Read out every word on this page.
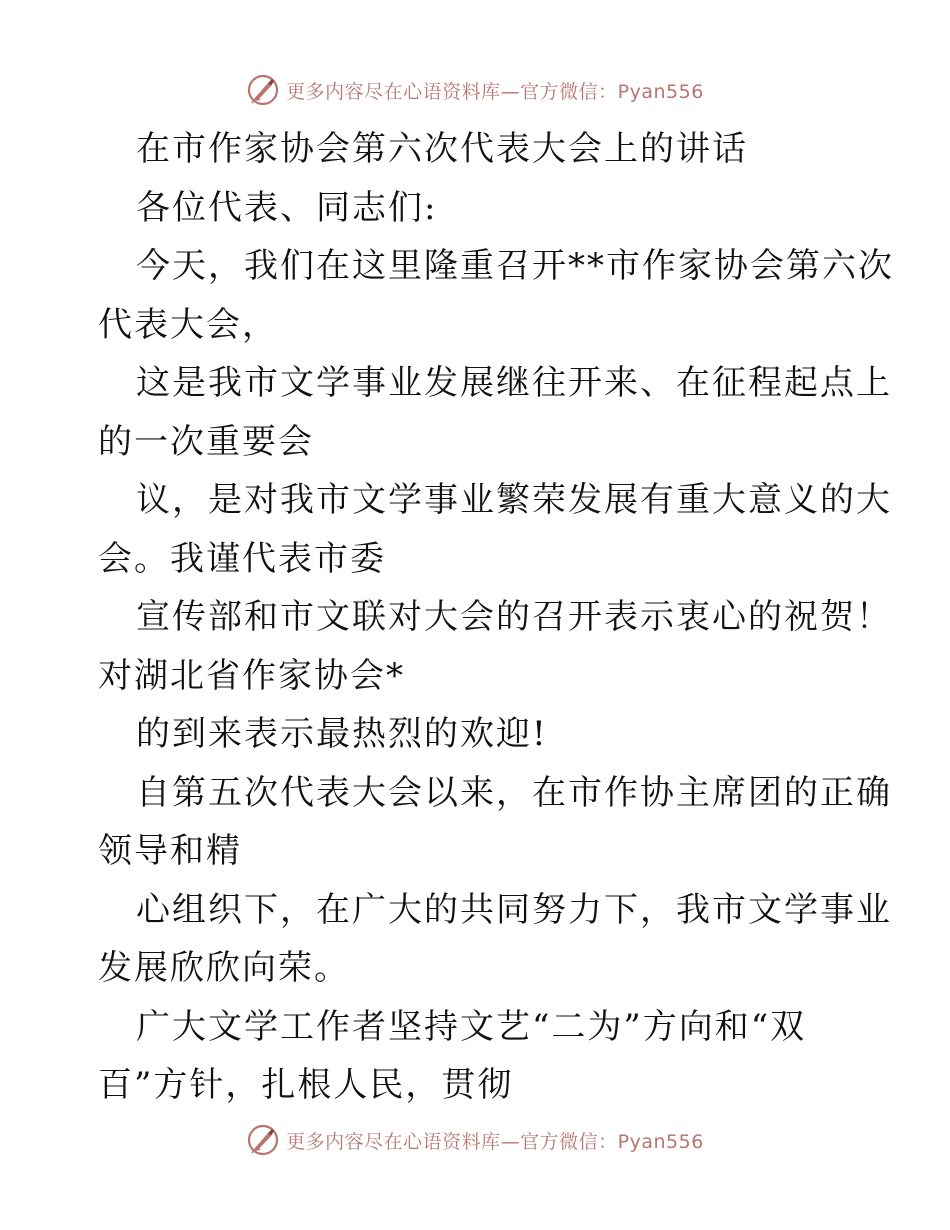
更多内容尽在心语资料库—官方微信：Pyan556
在市作家协会第六次代表大会上的讲话
各位代表、同志们:
今天，我们在这里隆重召开**市作家协会第六次
代表大会，
这是我市文学事业发展继往开来、在征程起点上
的一次重要会
议，是对我市文学事业繁荣发展有重大意义的大
会。我谨代表市委
宣传部和市文联对大会的召开表示衷心的祝贺！
对湖北省作家协会*
的到来表示最热烈的欢迎!
自第五次代表大会以来，在市作协主席团的正确
领导和精
心组织下，在广大的共同努力下，我市文学事业
发展欣欣向荣。
广大文学工作者坚持文艺“二为”方向和“双
百”方针，扎根人民，贯彻
更多内容尽在心语资料库—官方微信：Pyan556
